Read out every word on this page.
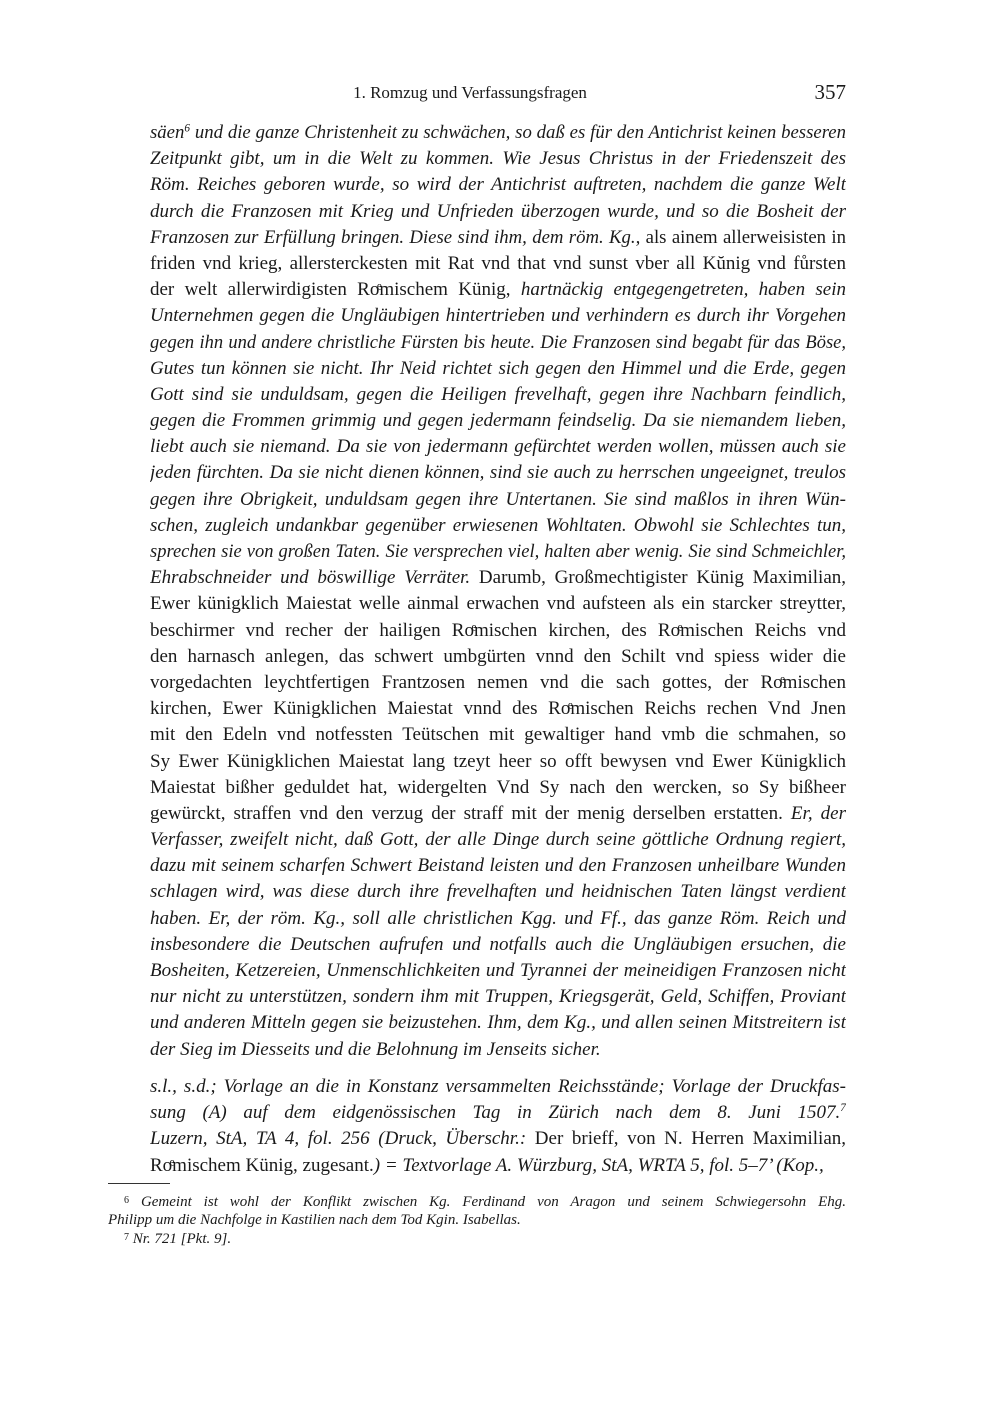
1. Romzug und Verfassungsfragen	357
säen$^6$ und die ganze Christenheit zu schwächen, so daß es für den Antichrist keinen besseren
Zeitpunkt gibt, um in die Welt zu kommen. Wie Jesus Christus in der Friedenszeit des
Röm. Reiches geboren wurde, so wird der Antichrist auftreten, nachdem die ganze Welt
durch die Franzosen mit Krieg und Unfrieden überzogen wurde, und so die Bosheit der
Franzosen zur Erfüllung bringen. Diese sind ihm, dem röm. Kg., als ainem allerweisisten in
friden vnd krieg, allersterckesten mit Rat vnd that vnd sunst vber all Kŭnig vnd fůrsten
der welt allerwirdigisten Roͤmischem Künig, hartnäckig entgegengetreten, haben sein
Unternehmen gegen die Ungläubigen hintertrieben und verhindern es durch ihr Vorgehen
gegen ihn und andere christliche Fürsten bis heute. Die Franzosen sind begabt für das Böse,
Gutes tun können sie nicht. Ihr Neid richtet sich gegen den Himmel und die Erde, gegen
Gott sind sie unduldsam, gegen die Heiligen frevelhaft, gegen ihre Nachbarn feindlich,
gegen die Frommen grimmig und gegen jedermann feindselig. Da sie niemandem lieben,
liebt auch sie niemand. Da sie von jedermann gefürchtet werden wollen, müssen auch sie
jeden fürchten. Da sie nicht dienen können, sind sie auch zu herrschen ungeeignet, treulos
gegen ihre Obrigkeit, unduldsam gegen ihre Untertanen. Sie sind maßlos in ihren Wün-
schen, zugleich undankbar gegenüber erwiesenen Wohltaten. Obwohl sie Schlechtes tun,
sprechen sie von großen Taten. Sie versprechen viel, halten aber wenig. Sie sind Schmeichler,
Ehrabschneider und böswillige Verräter. Darumb, Großmechtigister Künig Maximilian,
Ewer künigklich Maiestat welle ainmal erwachen vnd aufsteen als ein starcker streytter,
beschirmer vnd recher der hailigen Roͤmischen kirchen, des Roͤmischen Reichs vnd
den harnasch anlegen, das schwert umbgürten vnnd den Schilt vnd spiess wider die
vorgedachten leychtfertigen Frantzosen nemen vnd die sach gottes, der Roͤmischen
kirchen, Ewer Künigklichen Maiestat vnnd des Roͤmischen Reichs rechen Vnd Jnen
mit den Edeln vnd notfessten Teütschen mit gewaltiger hand vmb die schmahen, so
Sy Ewer Künigklichen Maiestat lang tzeyt heer so offt bewysen vnd Ewer Künigklich
Maiestat bißher geduldet hat, widergelten Vnd Sy nach den wercken, so Sy bißheer
gewürckt, straffen vnd den verzug der straff mit der menig derselben erstatten. Er, der
Verfasser, zweifelt nicht, daß Gott, der alle Dinge durch seine göttliche Ordnung regiert,
dazu mit seinem scharfen Schwert Beistand leisten und den Franzosen unheilbare Wunden
schlagen wird, was diese durch ihre frevelhaften und heidnischen Taten längst verdient
haben. Er, der röm. Kg., soll alle christlichen Kgg. und Ff., das ganze Röm. Reich und
insbesondere die Deutschen aufrufen und notfalls auch die Ungläubigen ersuchen, die
Bosheiten, Ketzereien, Unmenschlichkeiten und Tyrannei der meineidigen Franzosen nicht
nur nicht zu unterstützen, sondern ihm mit Truppen, Kriegsgerät, Geld, Schiffen, Proviant
und anderen Mitteln gegen sie beizustehen. Ihm, dem Kg., und allen seinen Mitstreitern ist
der Sieg im Diesseits und die Belohnung im Jenseits sicher.
s.l., s.d.; Vorlage an die in Konstanz versammelten Reichsstände; Vorlage der Druckfas-
sung (A) auf dem eidgenössischen Tag in Zürich nach dem 8. Juni 1507.$^7$
Luzern, StA, TA 4, fol. 256 (Druck, Überschr.: Der brieff, von N. Herren Maximilian,
Roͤmischem Künig, zugesant.) = Textvorlage A. Würzburg, StA, WRTA 5, fol. 5–7’ (Kop.,
$^6$ Gemeint ist wohl der Konflikt zwischen Kg. Ferdinand von Aragon und seinem Schwiegersohn Ehg.
Philipp um die Nachfolge in Kastilien nach dem Tod Kgin. Isabellas.
$^7$ Nr. 721 [Pkt. 9].
